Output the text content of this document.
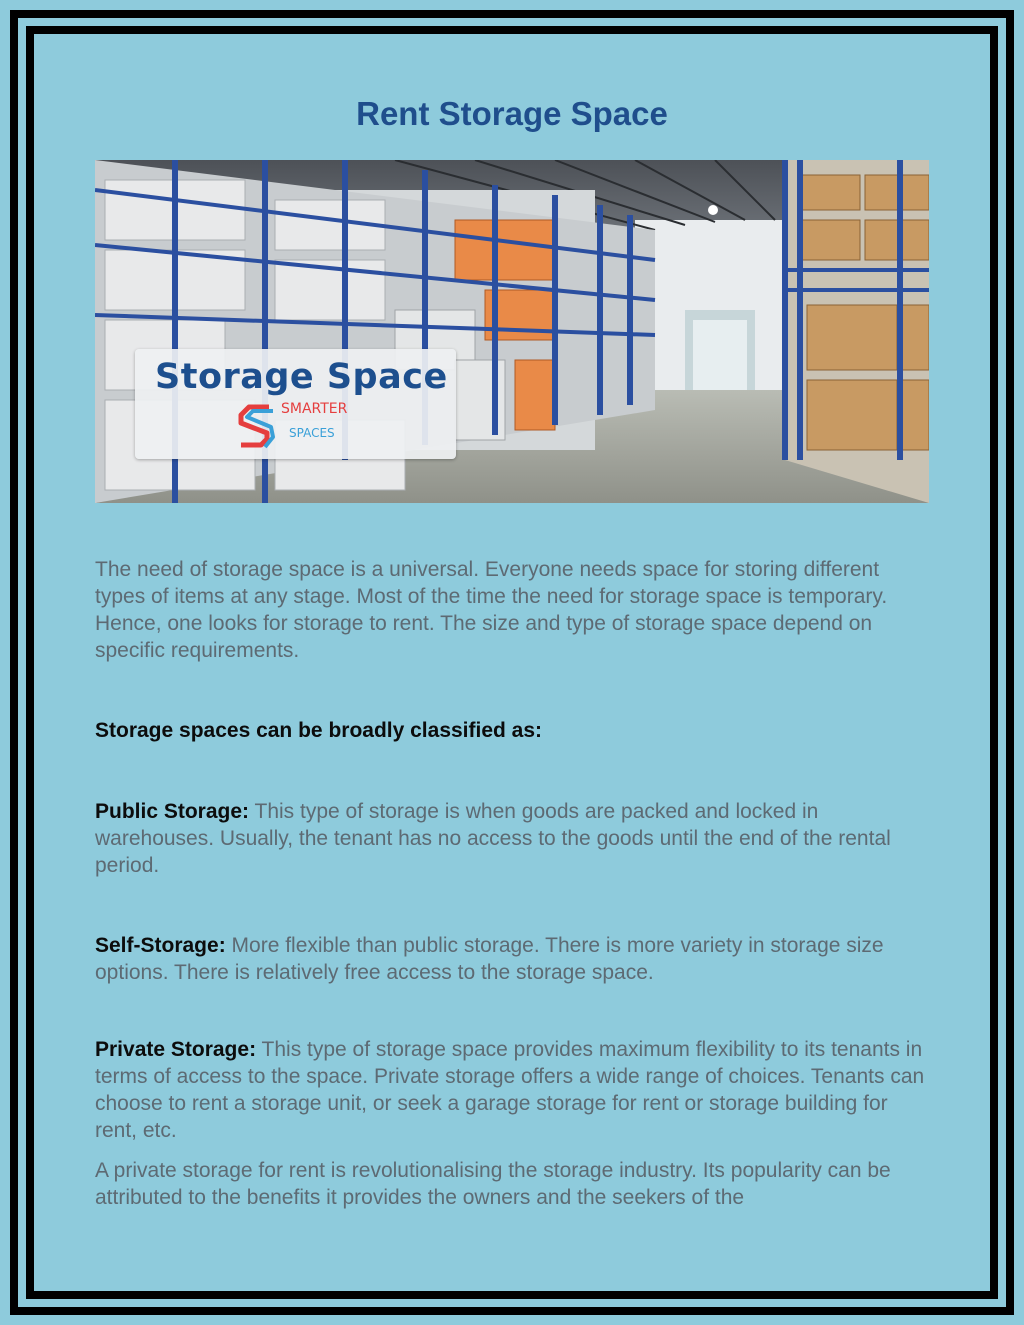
Rent Storage Space
Storage Space
SMARTER
SPACES

The need of storage space is a universal. Everyone needs space for storing different types of items at any stage. Most of the time the need for storage space is temporary. Hence, one looks for storage to rent. The size and type of storage space depend on specific requirements.

Storage spaces can be broadly classified as:

Public Storage: This type of storage is when goods are packed and locked in warehouses. Usually, the tenant has no access to the goods until the end of the rental period.

Self-Storage: More flexible than public storage. There is more variety in storage size options. There is relatively free access to the storage space.

Private Storage: This type of storage space provides maximum flexibility to its tenants in terms of access to the space. Private storage offers a wide range of choices. Tenants can choose to rent a storage unit, or seek a garage storage for rent or storage building for rent, etc.

A private storage for rent is revolutionalising the storage industry. Its popularity can be attributed to the benefits it provides the owners and the seekers of the
